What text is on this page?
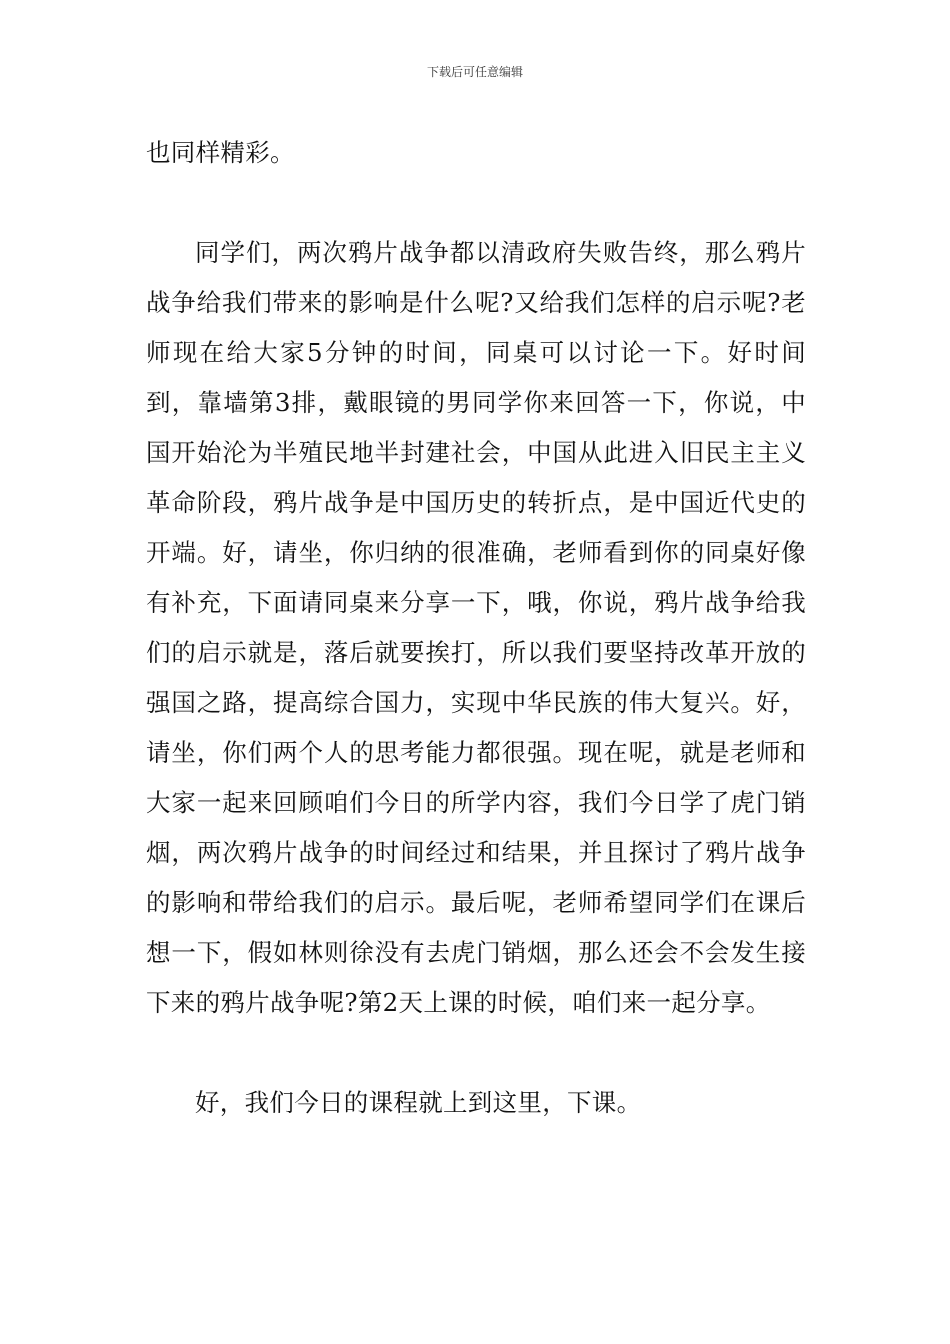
下载后可任意编辑

也同样精彩。

同学们，两次鸦片战争都以清政府失败告终，那么鸦片战争给我们带来的影响是什么呢?又给我们怎样的启示呢?老师现在给大家5分钟的时间，同桌可以讨论一下。好时间到，靠墙第3排，戴眼镜的男同学你来回答一下，你说，中国开始沦为半殖民地半封建社会，中国从此进入旧民主主义革命阶段，鸦片战争是中国历史的转折点，是中国近代史的开端。好，请坐，你归纳的很准确，老师看到你的同桌好像有补充，下面请同桌来分享一下，哦，你说，鸦片战争给我们的启示就是，落后就要挨打，所以我们要坚持改革开放的强国之路，提高综合国力，实现中华民族的伟大复兴。好，请坐，你们两个人的思考能力都很强。现在呢，就是老师和大家一起来回顾咱们今日的所学内容，我们今日学了虎门销烟，两次鸦片战争的时间经过和结果，并且探讨了鸦片战争的影响和带给我们的启示。最后呢，老师希望同学们在课后想一下，假如林则徐没有去虎门销烟，那么还会不会发生接下来的鸦片战争呢?第2天上课的时候，咱们来一起分享。

好，我们今日的课程就上到这里，下课。
